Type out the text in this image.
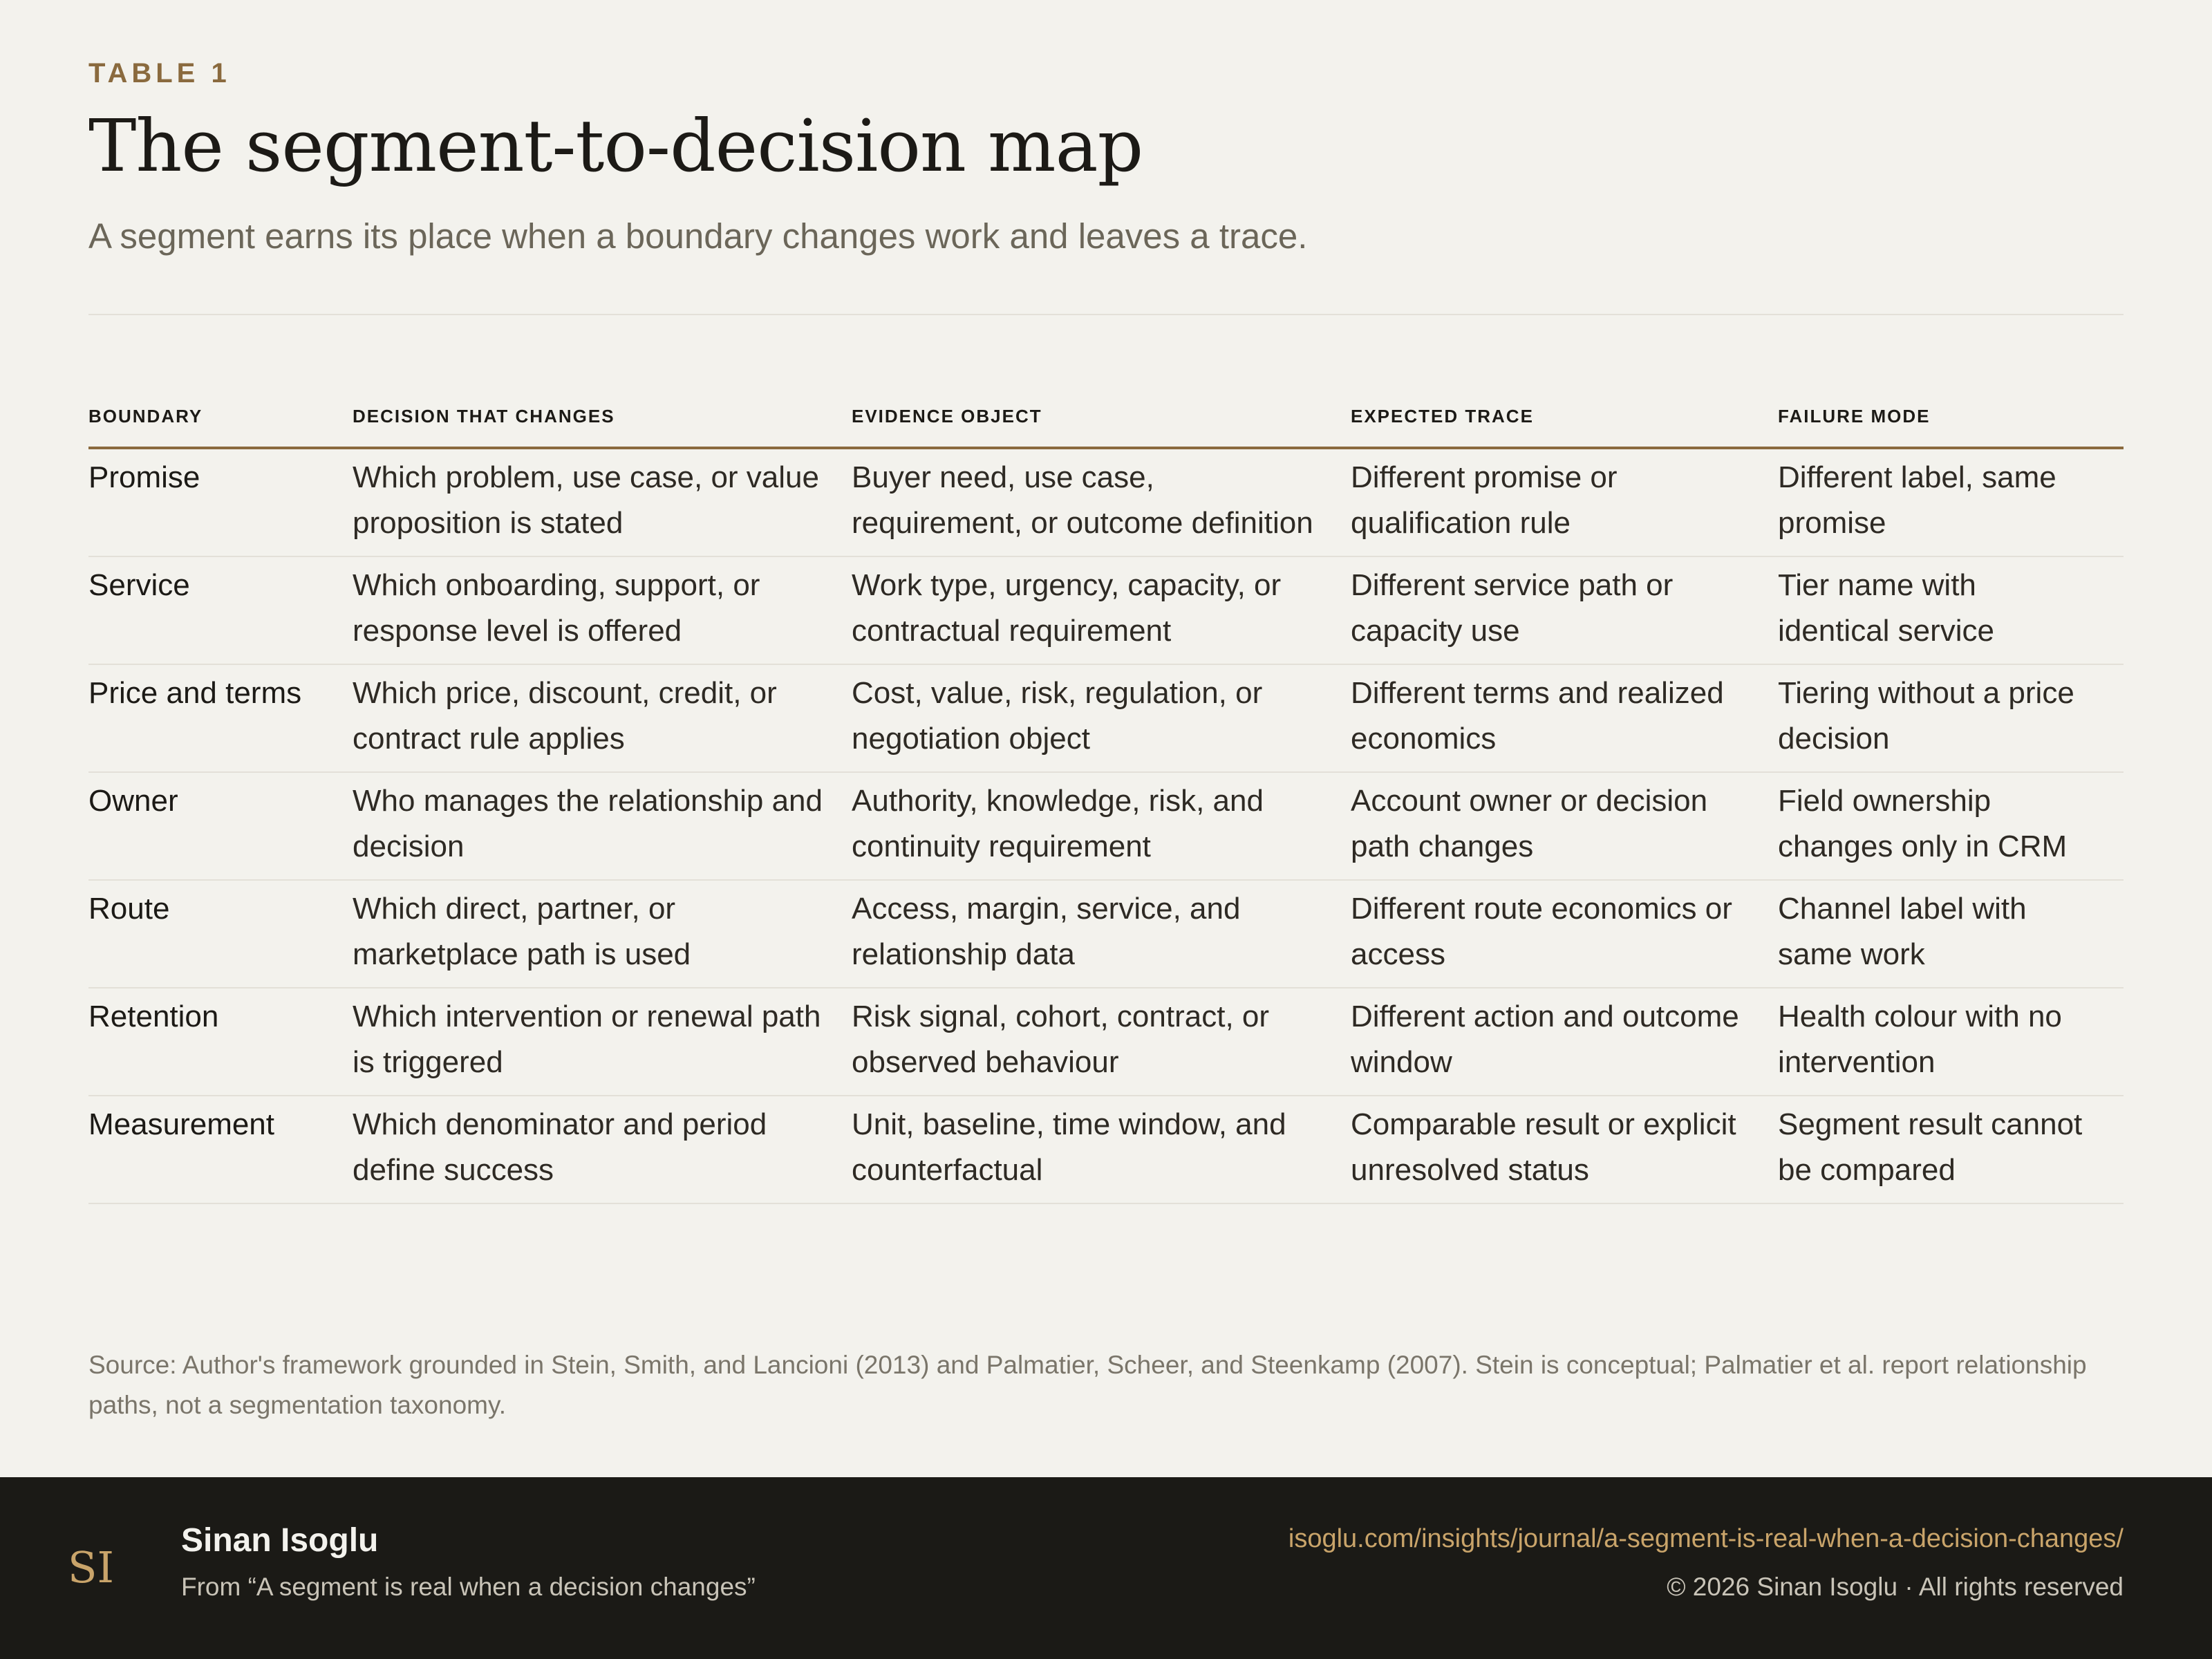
TABLE 1
The segment-to-decision map
A segment earns its place when a boundary changes work and leaves a trace.
BOUNDARY	DECISION THAT CHANGES	EVIDENCE OBJECT	EXPECTED TRACE	FAILURE MODE
Promise	Which problem, use case, or value proposition is stated	Buyer need, use case, requirement, or outcome definition	Different promise or qualification rule	Different label, same promise
Service	Which onboarding, support, or response level is offered	Work type, urgency, capacity, or contractual requirement	Different service path or capacity use	Tier name with identical service
Price and terms	Which price, discount, credit, or contract rule applies	Cost, value, risk, regulation, or negotiation object	Different terms and realized economics	Tiering without a price decision
Owner	Who manages the relationship and decision	Authority, knowledge, risk, and continuity requirement	Account owner or decision path changes	Field ownership changes only in CRM
Route	Which direct, partner, or marketplace path is used	Access, margin, service, and relationship data	Different route economics or access	Channel label with same work
Retention	Which intervention or renewal path is triggered	Risk signal, cohort, contract, or observed behaviour	Different action and outcome window	Health colour with no intervention
Measurement	Which denominator and period define success	Unit, baseline, time window, and counterfactual	Comparable result or explicit unresolved status	Segment result cannot be compared
Source: Author's framework grounded in Stein, Smith, and Lancioni (2013) and Palmatier, Scheer, and Steenkamp (2007). Stein is conceptual; Palmatier et al. report relationship paths, not a segmentation taxonomy.
SI
Sinan Isoglu
From “A segment is real when a decision changes”
isoglu.com/insights/journal/a-segment-is-real-when-a-decision-changes/
© 2026 Sinan Isoglu · All rights reserved
